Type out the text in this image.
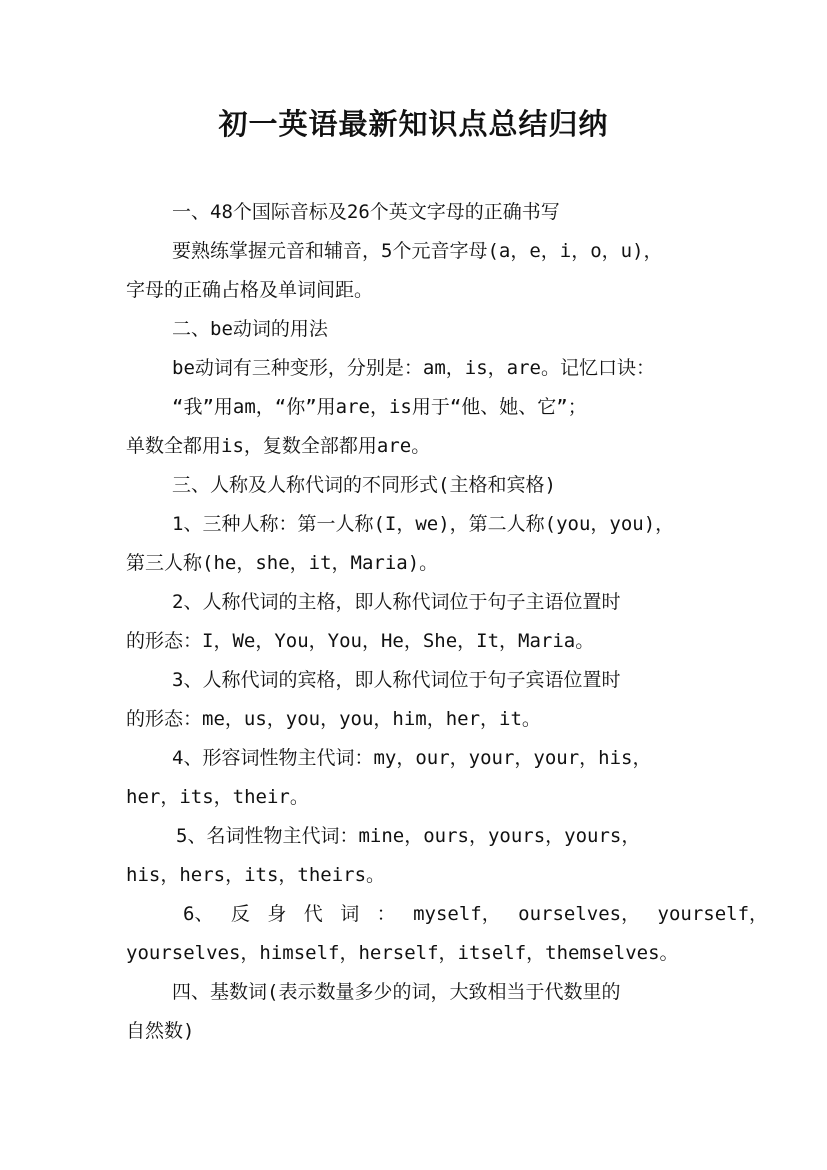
初一英语最新知识点总结归纳
一、48个国际音标及26个英文字母的正确书写
要熟练掌握元音和辅音，5个元音字母(a，e，i，o，u)，
字母的正确占格及单词间距。
二、be动词的用法
be动词有三种变形，分别是：am，is，are。记忆口诀：
“我”用am，“你”用are，is用于“他、她、它”；
单数全都用is，复数全部都用are。
三、人称及人称代词的不同形式(主格和宾格)
1、三种人称：第一人称(I，we)，第二人称(you，you)，
第三人称(he，she，it，Maria)。
2、人称代词的主格，即人称代词位于句子主语位置时
的形态：I，We，You，You，He，She，It，Maria。
3、人称代词的宾格，即人称代词位于句子宾语位置时
的形态：me，us，you，you，him，her，it。
4、形容词性物主代词：my，our，your，your，his，
her，its，their。
5、名词性物主代词：mine，ours，yours，yours，
his，hers，its，theirs。
6、 反 身 代 词 ： myself， ourselves， yourself，
yourselves，himself，herself，itself，themselves。
四、基数词(表示数量多少的词，大致相当于代数里的
自然数)
